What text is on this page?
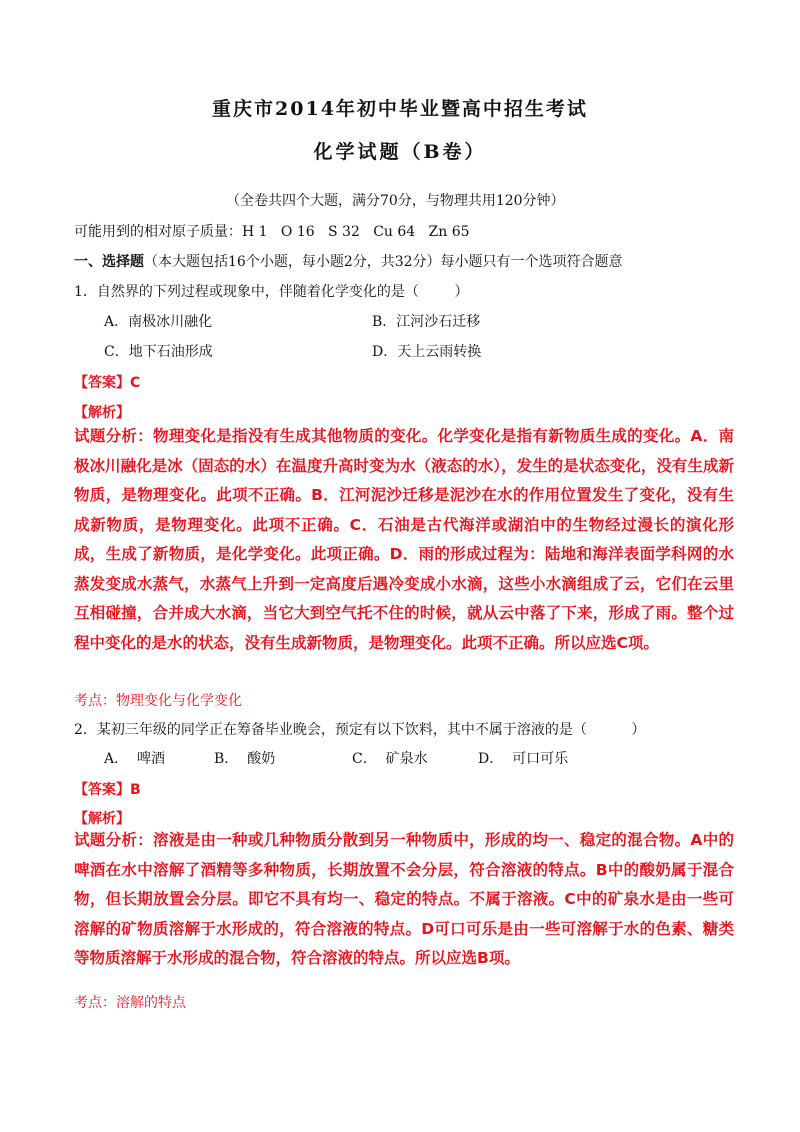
重庆市2014年初中毕业暨高中招生考试
化学试题（B卷）
（全卷共四个大题，满分70分，与物理共用120分钟）
可能用到的相对原子质量：H 1   O 16   S 32   Cu 64   Zn 65
一、选择题（本大题包括16个小题，每小题2分，共32分）每小题只有一个选项符合题意
1．自然界的下列过程或现象中，伴随着化学变化的是（        ）
A．南极冰川融化	B．江河沙石迁移
C．地下石油形成	D．天上云雨转换
【答案】C
【解析】
试题分析：物理变化是指没有生成其他物质的变化。化学变化是指有新物质生成的变化。A．南极冰川融化是冰（固态的水）在温度升高时变为水（液态的水），发生的是状态变化，没有生成新物质，是物理变化。此项不正确。B．江河泥沙迁移是泥沙在水的作用位置发生了变化，没有生成新物质，是物理变化。此项不正确。C．石油是古代海洋或湖泊中的生物经过漫长的演化形成，生成了新物质，是化学变化。此项正确。D．雨的形成过程为：陆地和海洋表面学科网的水蒸发变成水蒸气，水蒸气上升到一定高度后遇冷变成小水滴，这些小水滴组成了云，它们在云里互相碰撞，合并成大水滴，当它大到空气托不住的时候，就从云中落了下来，形成了雨。整个过程中变化的是水的状态，没有生成新物质，是物理变化。此项不正确。所以应选C项。
考点：物理变化与化学变化
2．某初三年级的同学正在筹备毕业晚会，预定有以下饮料，其中不属于溶液的是（          ）
A．  啤酒	B．  酸奶	C．  矿泉水	D．  可口可乐
【答案】B
【解析】
试题分析：溶液是由一种或几种物质分散到另一种物质中，形成的均一、稳定的混合物。A中的啤酒在水中溶解了酒精等多种物质，长期放置不会分层，符合溶液的特点。B中的酸奶属于混合物，但长期放置会分层。即它不具有均一、稳定的特点。不属于溶液。C中的矿泉水是由一些可溶解的矿物质溶解于水形成的，符合溶液的特点。D可口可乐是由一些可溶解于水的色素、糖类等物质溶解于水形成的混合物，符合溶液的特点。所以应选B项。
考点：溶解的特点
